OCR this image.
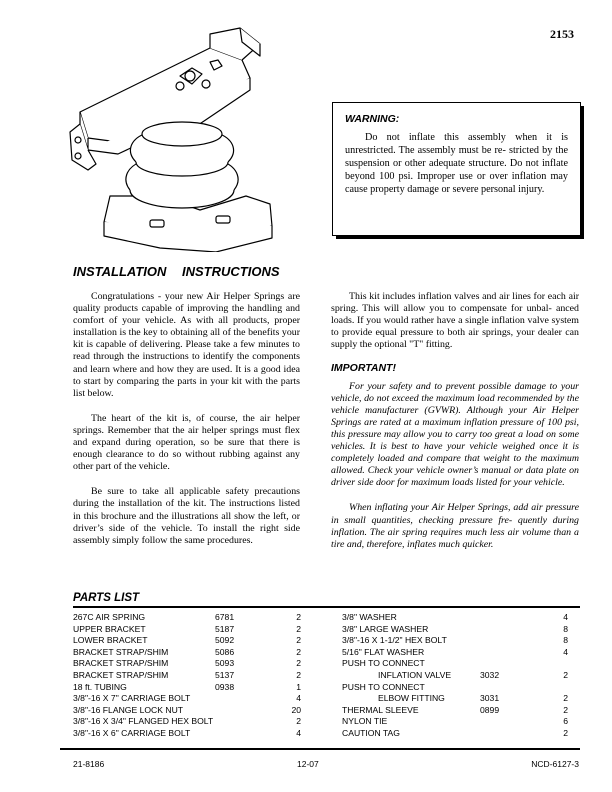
2153
WARNING:
Do not inflate this assembly when it is unrestricted. The assembly must be re- stricted by the suspension or other adequate structure. Do not inflate beyond 100 psi. Improper use or over inflation may cause property damage or severe personal injury.
INSTALLATION INSTRUCTIONS

Congratulations - your new Air Helper Springs are quality products capable of improving the handling and comfort of your vehicle. As with all products, proper installation is the key to obtaining all of the benefits your kit is capable of delivering. Please take a few minutes to read through the instructions to identify the components and learn where and how they are used. It is a good idea to start by comparing the parts in your kit with the parts list below.

The heart of the kit is, of course, the air helper springs. Remember that the air helper springs must flex and expand during operation, so be sure that there is enough clearance to do so without rubbing against any other part of the vehicle.

Be sure to take all applicable safety precautions during the installation of the kit. The instructions listed in this brochure and the illustrations all show the left, or driver’s side of the vehicle. To install the right side assembly simply follow the same procedures.

This kit includes inflation valves and air lines for each air spring. This will allow you to compensate for unbal- anced loads. If you would rather have a single inflation valve system to provide equal pressure to both air springs, your dealer can supply the optional "T" fitting.

IMPORTANT!

For your safety and to prevent possible damage to your vehicle, do not exceed the maximum load recommended by the vehicle manufacturer (GVWR). Although your Air Helper Springs are rated at a maximum inflation pressure of 100 psi, this pressure may allow you to carry too great a load on some vehicles. It is best to have your vehicle weighed once it is completely loaded and compare that weight to the maximum allowed. Check your vehicle owner’s manual or data plate on driver side door for maximum loads listed for your vehicle.

When inflating your Air Helper Springs, add air pressure in small quantities, checking pressure fre- quently during inflation. The air spring requires much less air volume than a tire and, therefore, inflates much quicker.

PARTS LIST
267C AIR SPRING	6781	2
UPPER BRACKET	5187	2
LOWER BRACKET	5092	2
BRACKET STRAP/SHIM	5086	2
BRACKET STRAP/SHIM	5093	2
BRACKET STRAP/SHIM	5137	2
18 ft. TUBING	0938	1
3/8"-16 X 7" CARRIAGE BOLT		4
3/8"-16 FLANGE LOCK NUT		20
3/8"-16 X 3/4" FLANGED HEX BOLT		2
3/8"-16 X 6" CARRIAGE BOLT		4
3/8" WASHER		4
3/8" LARGE WASHER		8
3/8"-16 X 1-1/2" HEX BOLT		8
5/16" FLAT WASHER		4
PUSH TO CONNECT		
INFLATION VALVE	3032	2
PUSH TO CONNECT		
ELBOW FITTING	3031	2
THERMAL SLEEVE	0899	2
NYLON TIE		6
CAUTION TAG		2
21-8186	12-07	NCD-6127-3
